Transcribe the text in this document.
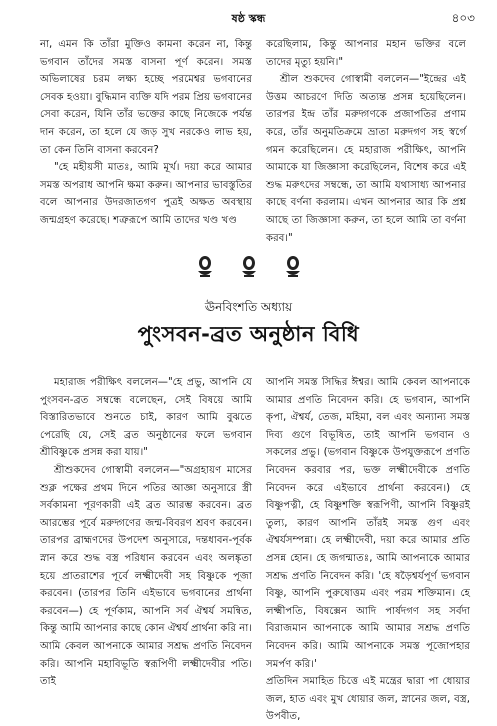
ষষ্ঠ স্কন্ধ	৪০৩

না, এমন কি তাঁরা মুক্তিও কামনা করেন না, কিন্তু ভগবান তাঁদের সমস্ত বাসনা পূর্ণ করেন। সমস্ত অভিলাষের চরম লক্ষ্য হচ্ছে পরমেশ্বর ভগবানের সেবক হওয়া। বুদ্ধিমান ব্যক্তি যদি পরম প্রিয় ভগবানের সেবা করেন, যিনি তাঁর ভক্তের কাছে নিজেকে পর্যন্ত দান করেন, তা হলে যে জড় সুখ নরকেও লাভ হয়, তা কেন তিনি বাসনা করবেন?

"হে মহীয়সী মাতঃ, আমি মূর্খ। দয়া করে আমার সমস্ত অপরাধ আপনি ক্ষমা করুন। আপনার ভাবস্তুতির বলে আপনার উদরজাতগণ পুত্রই অক্ষত অবস্থায় জন্মগ্রহণ করেছে। শত্রুরূপে আমি তাদের খণ্ড খণ্ড

করেছিলাম, কিন্তু আপনার মহান ভক্তির বলে তাদের মৃত্যু হয়নি।"

শ্রীল শুকদেব গোস্বামী বললেন—"ইন্দ্রের এই উত্তম আচরণে দিতি অত্যন্ত প্রসন্ন হয়েছিলেন। তারপর ইন্দ্র তাঁর মরুদ্গণকে প্রজাপতির প্রণাম করে, তাঁর অনুমতিক্রমে ভ্রাতা মরুদগণ সহ স্বর্গে গমন করেছিলেন। হে মহারাজ পরীক্ষিৎ, আপনি আমাকে যা জিজ্ঞাসা করেছিলেন, বিশেষ করে এই শুদ্ধ মরুৎদের সম্বন্ধে, তা আমি যথাসাধ্য আপনার কাছে বর্ণনা করলাম। এখন আপনার আর কি প্রশ্ন আছে তা জিজ্ঞাসা করুন, তা হলে আমি তা বর্ণনা করব।"

ঊনবিংশতি অধ্যায়
পুংসবন-ব্রত অনুষ্ঠান বিধি

মহারাজ পরীক্ষিৎ বললেন—"হে প্রভু, আপনি যে পুংসবন-ব্রত সম্বন্ধে বলেছেন, সেই বিষয়ে আমি বিস্তারিতভাবে শুনতে চাই, কারণ আমি বুঝতে পেরেছি যে, সেই ব্রত অনুষ্ঠানের ফলে ভগবান শ্রীবিষ্ণুকে প্রসন্ন করা যায়।"

শ্রীশুকদেব গোস্বামী বললেন—"অগ্রহায়ণ মাসের শুক্ল পক্ষের প্রথম দিনে পতির আজ্ঞা অনুসারে স্ত্রী সর্বকামনা পূরণকারী এই ব্রত আরম্ভ করবেন। ব্রত আরম্ভের পূর্বে মরুদ্গণের জন্ম-বিবরণ শ্রবণ করবেন। তারপর ব্রাহ্মণদের উপদেশ অনুসারে, দন্তধাবন-পূর্বক স্নান করে শুদ্ধ বস্ত্র পরিধান করবেন এবং অলঙ্কৃতা হয়ে প্রাতরাশের পূর্বে লক্ষ্মীদেবী সহ বিষ্ণুকে পূজা করবেন। (তারপর তিনি এইভাবে ভগবানের প্রার্থনা করবেন—) হে পূর্ণকাম, আপনি সর্ব ঐশ্বর্য সমন্বিত, কিন্তু আমি আপনার কাছে কোন ঐশ্বর্য প্রার্থনা করি না। আমি কেবল আপনাকে আমার সশ্রদ্ধ প্রণতি নিবেদন করি। আপনি মহাবিভূতি স্বরূপিণী লক্ষ্মীদেবীর পতি। তাই

আপনি সমস্ত সিদ্ধির ঈশ্বর। আমি কেবল আপনাকে আমার প্রণতি নিবেদন করি। হে ভগবান, আপনি কৃপা, ঐশ্বর্য, তেজ, মহিমা, বল এবং অন্যান্য সমস্ত দিব্য গুণে বিভূষিত, তাই আপনি ভগবান ও সকলের প্রভু। (ভগবান বিষ্ণুকে উপযুক্তরূপে প্রণতি নিবেদন করবার পর, ভক্ত লক্ষ্মীদেবীকে প্রণতি নিবেদন করে এইভাবে প্রার্থনা করবেন।) হে বিষ্ণুপত্নী, হে বিষ্ণুশক্তি স্বরূপিণী, আপনি বিষ্ণুরই তুল্য, কারণ আপনি তাঁরই সমস্ত গুণ এবং ঐশ্বর্যসম্পন্না। হে লক্ষ্মীদেবী, দয়া করে আমার প্রতি প্রসন্ন হোন। হে জগন্মাতঃ, আমি আপনাকে আমার সশ্রদ্ধ প্রণতি নিবেদন করি। 'হে ষড়ৈশ্বর্যপূর্ণ ভগবান বিষ্ণু, আপনি পুরুষোত্তম এবং পরম শক্তিমান। হে লক্ষ্মীপতি, বিষক্সেন আদি পার্ষদগণ সহ সর্বদা বিরাজমান আপনাকে আমি আমার সশ্রদ্ধ প্রণতি নিবেদন করি। আমি আপনাকে সমস্ত পূজোপহার সমর্পণ করি।'

প্রতিদিন সমাহিত চিত্তে এই মন্ত্রের দ্বারা পা ধোয়ার জল, হাত এবং মুখ ধোয়ার জল, স্নানের জল, বস্ত্র, উপবীত,
